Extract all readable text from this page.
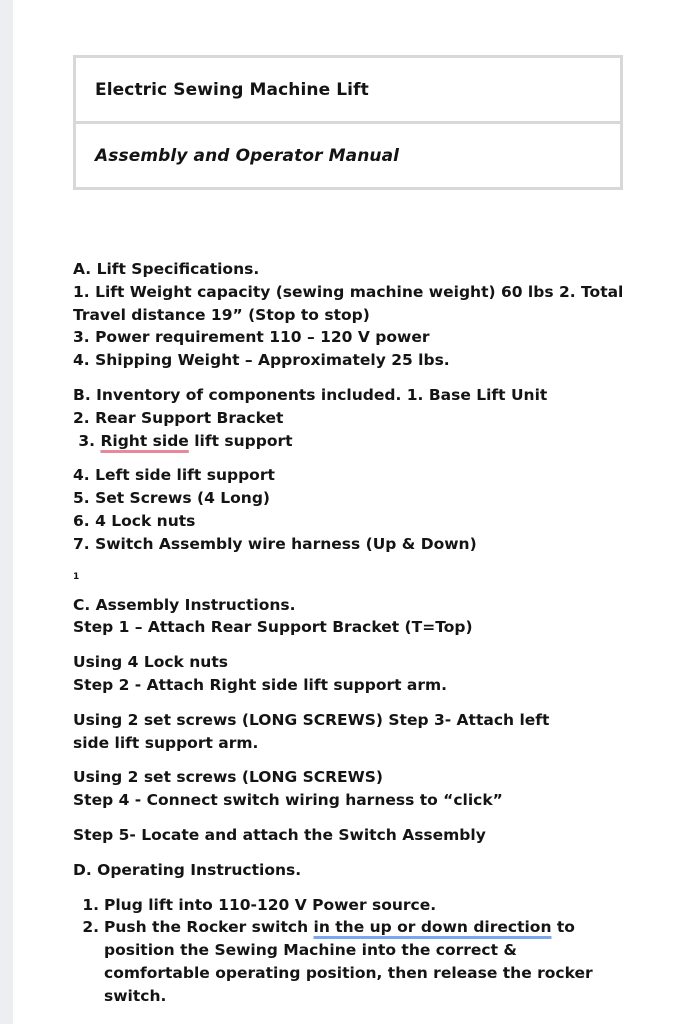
Electric Sewing Machine Lift
Assembly and Operator Manual
A. Lift Specifications.
1. Lift Weight capacity (sewing machine weight) 60 lbs 2. Total Travel distance 19” (Stop to stop)
3. Power requirement 110 – 120 V power
4. Shipping Weight – Approximately 25 lbs.
B. Inventory of components included. 1. Base Lift Unit
2. Rear Support Bracket
3. Right side lift support
4. Left side lift support
5. Set Screws (4 Long)
6. 4 Lock nuts
7. Switch Assembly wire harness (Up & Down)
1
C. Assembly Instructions.
Step 1 – Attach Rear Support Bracket (T=Top)
Using 4 Lock nuts
Step 2 - Attach Right side lift support arm.
Using 2 set screws (LONG SCREWS) Step 3- Attach left side lift support arm.
Using 2 set screws (LONG SCREWS)
Step 4 - Connect switch wiring harness to “click”
Step 5- Locate and attach the Switch Assembly
D. Operating Instructions.
1. Plug lift into 110-120 V Power source.
2. Push the Rocker switch in the up or down direction to position the Sewing Machine into the correct & comfortable operating position, then release the rocker switch.
